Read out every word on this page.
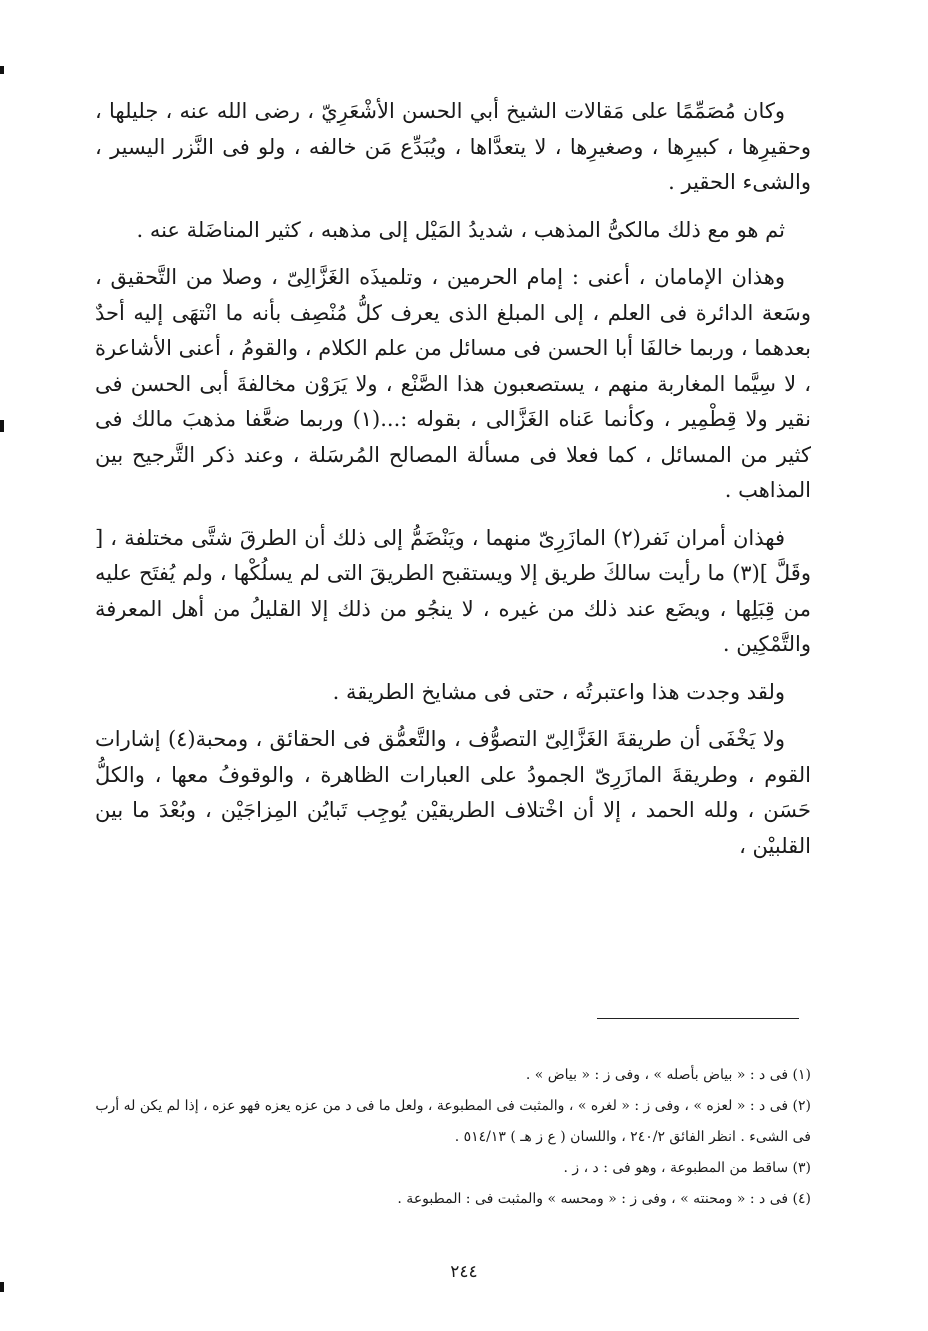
وكان مُصَمِّمًا على مَقالات الشيخ أبي الحسن الأشْعَرِيّ ، رضى الله عنه ، جليلها ، وحقيرِها ، كبيرِها ، وصغيرِها ، لا يتعدَّاها ، ويُبَدِّع مَن خالفه ، ولو فى النَّزر اليسير ، والشىء الحقير .

ثم هو مع ذلك مالكىُّ المذهب ، شديدُ المَيْل إلى مذهبه ، كثير المناضَلة عنه .

وهذان الإمامان ، أعنى : إمام الحرمين ، وتلميذَه الغَزَّالِىّ ، وصلا من التَّحقيق ، وسَعة الدائرة فى العلم ، إلى المبلغ الذى يعرف كلُّ مُنْصِف بأنه ما انْتهَى إليه أحدٌ بعدهما ، وربما خالفَا أبا الحسن فى مسائل من علم الكلام ، والقومُ ، أعنى الأشاعرة ، لا سِيَّما المغاربة منهم ، يستصعبون هذا الصَّنْع ، ولا يَرَوْن مخالفةَ أبى الحسن فى نقير ولا قِطْمِير ، وكأنما عَناه الغَزَّالى ، بقوله :...(١) وربما ضعَّفا مذهبَ مالك فى كثير من المسائل ، كما فعلا فى مسألة المصالح المُرسَلة ، وعند ذكر التَّرجيح بين المذاهب .

فهذان أمران نَفر(٢) المازَرِىّ منهما ، ويَنْضَمُّ إلى ذلك أن الطرقَ شتَّى مختلفة ، [ وقَلَّ ](٣) ما رأيت سالكَ طريق إلا ويستقبح الطريقَ التى لم يسلُكْها ، ولم يُفتَح عليه من قِبَلِها ، ويضَع عند ذلك من غيره ، لا ينجُو من ذلك إلا القليلُ من أهل المعرفة والتَّمْكِين .

ولقد وجدت هذا واعتبرتُه ، حتى فى مشايخ الطريقة .

ولا يَخْفَى أن طريقةَ الغَزَّالِىّ التصوُّف ، والتَّعمُّق فى الحقائق ، ومحبة(٤) إشارات القوم ، وطريقةَ المازَرِىّ الجمودُ على العبارات الظاهرة ، والوقوفُ معها ، والكلُّ حَسَن ، ولله الحمد ، إلا أن اخْتلاف الطريقيْن يُوجِب تَبايُن المِزاجَيْن ، وبُعْدَ ما بين القلبيْن ،

(١) فى د : « بياض بأصله » ، وفى ز : « بياض » .

(٢) فى د : « لعزه » ، وفى ز : « لغره » ، والمثبت فى المطبوعة ، ولعل ما فى د من عزه يعزه فهو عزه ، إذا لم يكن له أرب فى الشىء . انظر الفائق ٢٤٠/٢ ، واللسان ( ع ز هـ ) ٥١٤/١٣ .

(٣) ساقط من المطبوعة ، وهو فى : د ، ز .

(٤) فى د : « ومحنته » ، وفى ز : « ومحسه » والمثبت فى : المطبوعة .

٢٤٤
